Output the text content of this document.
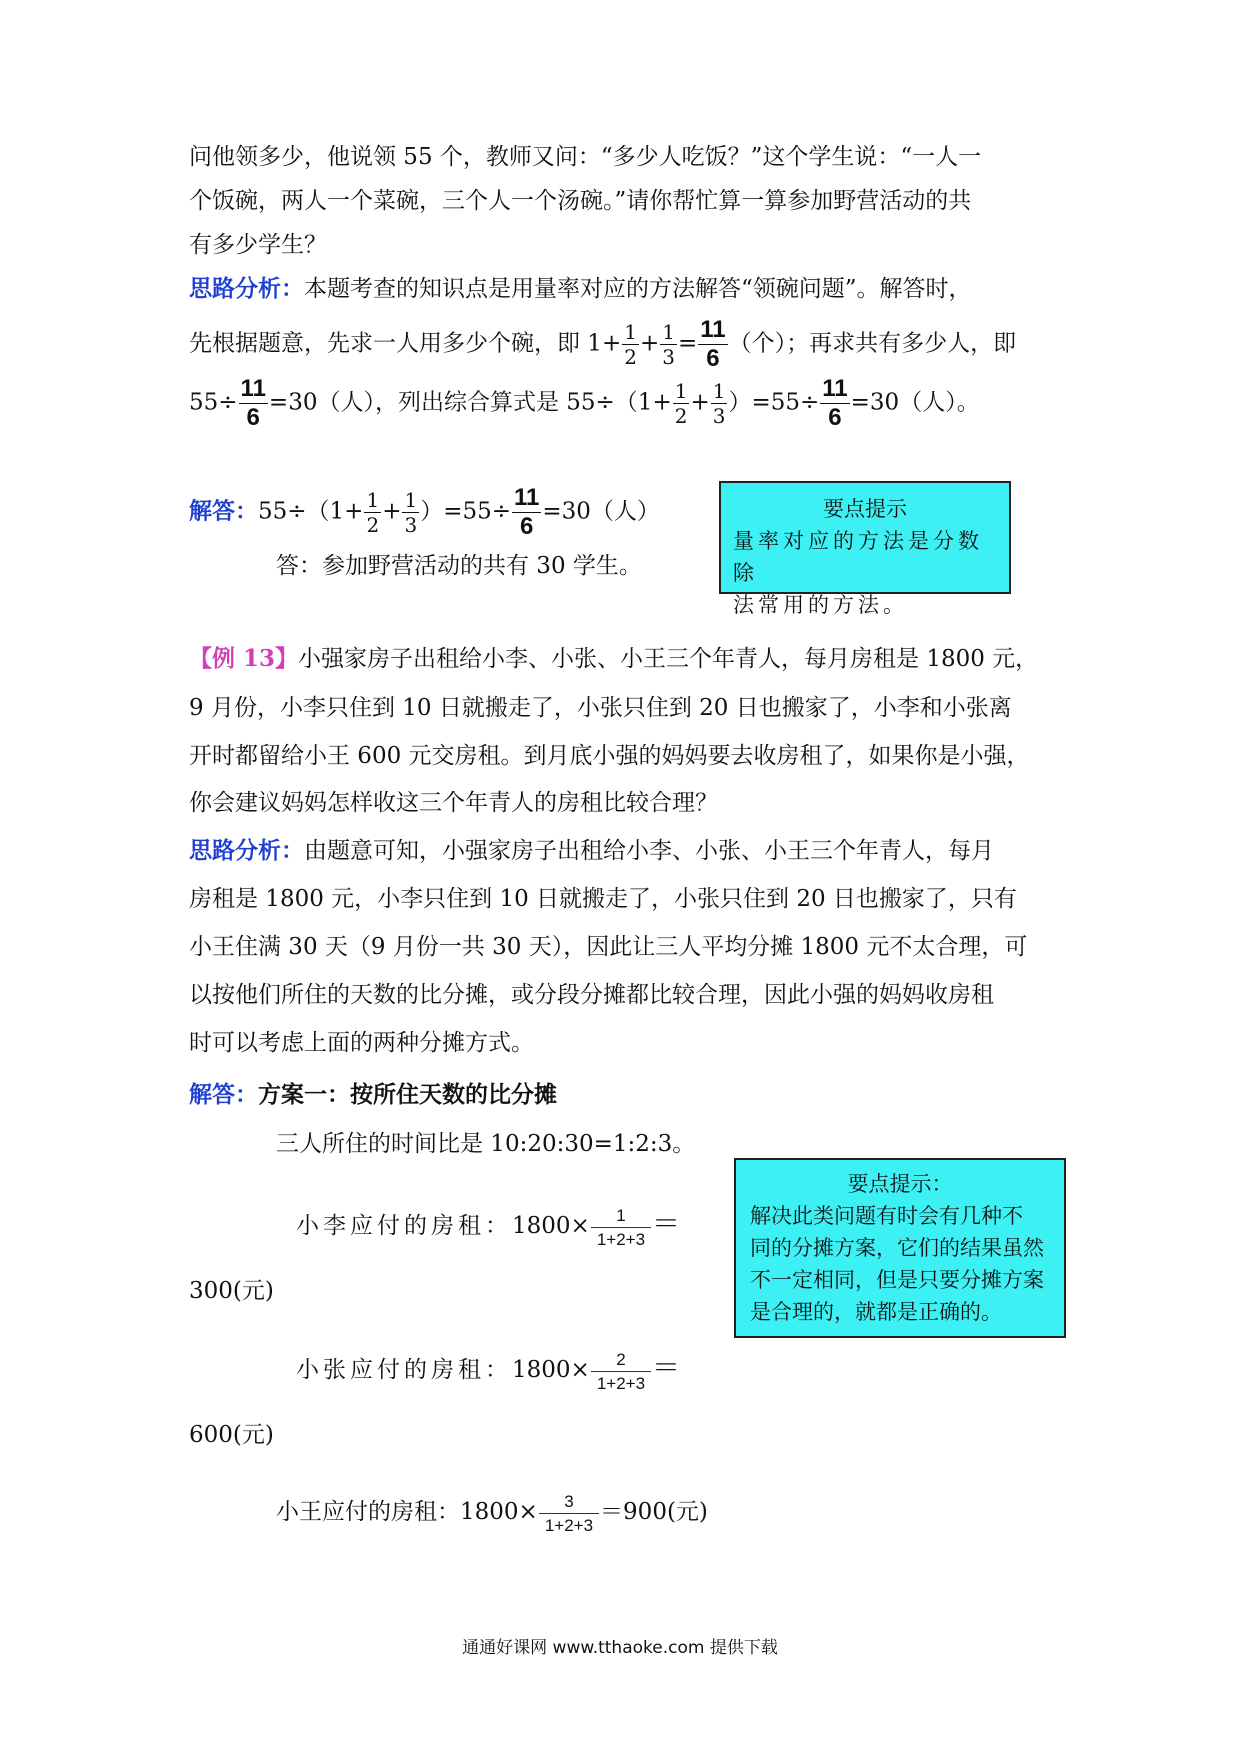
问他领多少，他说领 55 个，教师又问：“多少人吃饭？”这个学生说：“一人一
个饭碗，两人一个菜碗，三个人一个汤碗。”请你帮忙算一算参加野营活动的共
有多少学生？
思路分析：本题考查的知识点是用量率对应的方法解答“领碗问题”。解答时，
先根据题意，先求一人用多少个碗，即 $1+ \frac{1}{2} + \frac{1}{3} = \frac{11}{6}$ （个）；再求共有多少人，即
$55\div \frac{11}{6} =30$（人），列出综合算式是 $55\div(1+ \frac{1}{2} + \frac{1}{3} )=55\div \frac{11}{6} =30$（人）。
解答：$55\div(1+ \frac{1}{2} + \frac{1}{3} )=55\div \frac{11}{6} =30$（人）
答：参加野营活动的共有 30 学生。
要点提示
量率对应的方法是分数除
法常用的方法。
【例 13】小强家房子出租给小李、小张、小王三个年青人，每月房租是 1800 元，
9 月份，小李只住到 10 日就搬走了，小张只住到 20 日也搬家了，小李和小张离
开时都留给小王 600 元交房租。到月底小强的妈妈要去收房租了，如果你是小强，
你会建议妈妈怎样收这三个年青人的房租比较合理？
思路分析：由题意可知，小强家房子出租给小李、小张、小王三个年青人，每月
房租是 1800 元，小李只住到 10 日就搬走了，小张只住到 20 日也搬家了，只有
小王住满 30 天（9 月份一共 30 天），因此让三人平均分摊 1800 元不太合理，可
以按他们所住的天数的比分摊，或分段分摊都比较合理，因此小强的妈妈收房租
时可以考虑上面的两种分摊方式。
解答：方案一：按所住天数的比分摊
三人所住的时间比是 10:20:30=1:2:3。
小李应付的房租：$1800\times \frac{1}{1+2+3}$ ＝
300(元)
小张应付的房租：$1800\times \frac{2}{1+2+3}$ ＝
600(元)
小王应付的房租：$1800\times \frac{3}{1+2+3} =900$(元)
要点提示：
解决此类问题有时会有几种不
同的分摊方案，它们的结果虽然
不一定相同，但是只要分摊方案
是合理的，就都是正确的。
通通好课网 www.tthaoke.com 提供下载
